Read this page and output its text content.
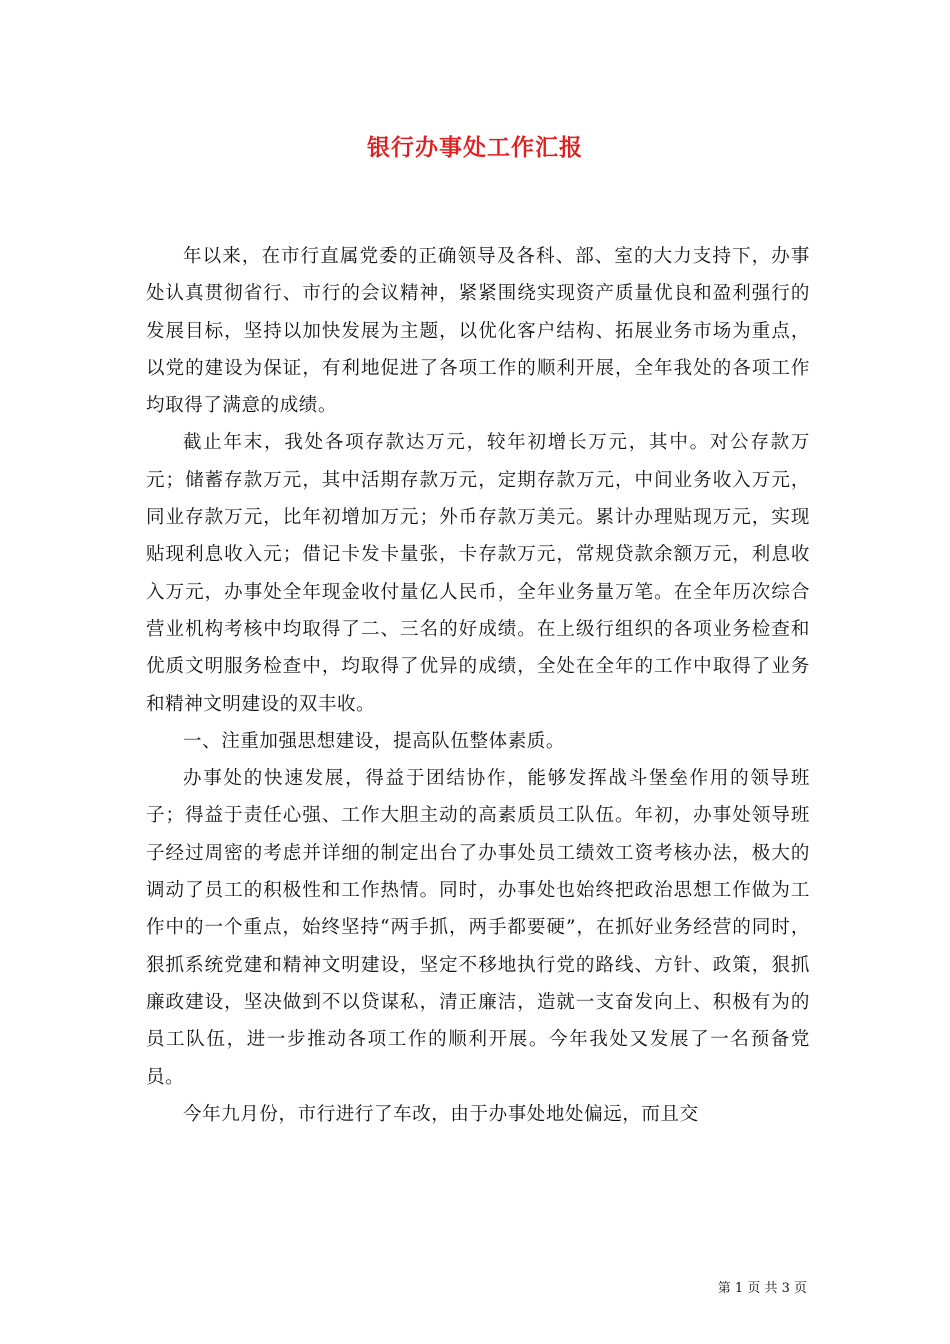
银行办事处工作汇报

年以来，在市行直属党委的正确领导及各科、部、室的大力支持下，办事处认真贯彻省行、市行的会议精神，紧紧围绕实现资产质量优良和盈利强行的发展目标，坚持以加快发展为主题，以优化客户结构、拓展业务市场为重点，以党的建设为保证，有利地促进了各项工作的顺利开展，全年我处的各项工作均取得了满意的成绩。

截止年末，我处各项存款达万元，较年初增长万元，其中。对公存款万元；储蓄存款万元，其中活期存款万元，定期存款万元，中间业务收入万元，同业存款万元，比年初增加万元；外币存款万美元。累计办理贴现万元，实现贴现利息收入元；借记卡发卡量张，卡存款万元，常规贷款余额万元，利息收入万元，办事处全年现金收付量亿人民币，全年业务量万笔。在全年历次综合营业机构考核中均取得了二、三名的好成绩。在上级行组织的各项业务检查和优质文明服务检查中，均取得了优异的成绩，全处在全年的工作中取得了业务和精神文明建设的双丰收。

一、注重加强思想建设，提高队伍整体素质。

办事处的快速发展，得益于团结协作，能够发挥战斗堡垒作用的领导班子；得益于责任心强、工作大胆主动的高素质员工队伍。年初，办事处领导班子经过周密的考虑并详细的制定出台了办事处员工绩效工资考核办法，极大的调动了员工的积极性和工作热情。同时，办事处也始终把政治思想工作做为工作中的一个重点，始终坚持“两手抓，两手都要硬”，在抓好业务经营的同时，狠抓系统党建和精神文明建设，坚定不移地执行党的路线、方针、政策，狠抓廉政建设，坚决做到不以贷谋私，清正廉洁，造就一支奋发向上、积极有为的员工队伍，进一步推动各项工作的顺利开展。今年我处又发展了一名预备党员。

今年九月份，市行进行了车改，由于办事处地处偏远，而且交

第 1 页 共 3 页
